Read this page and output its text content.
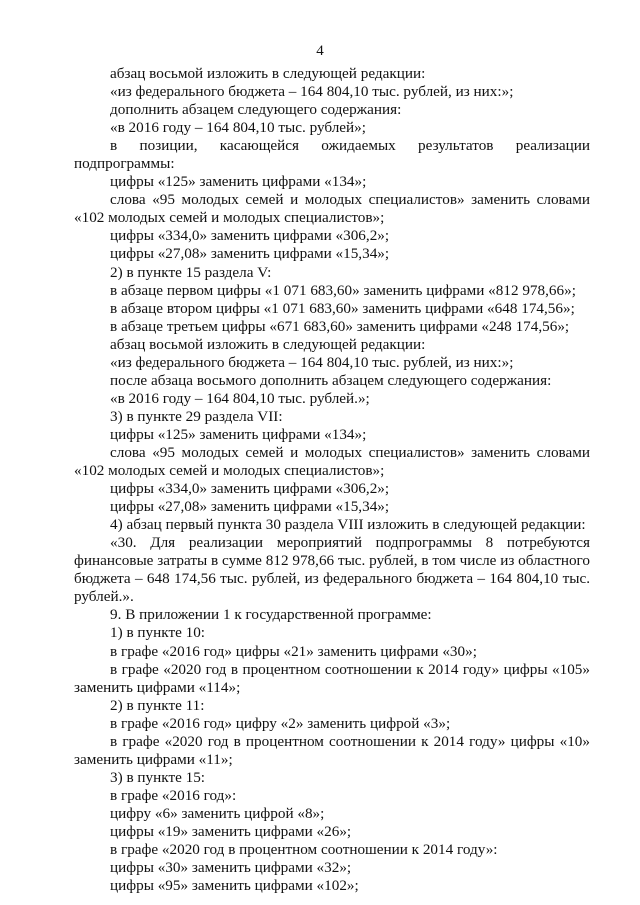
4

абзац восьмой изложить в следующей редакции:

«из федерального бюджета – 164 804,10 тыс. рублей, из них:»;

дополнить абзацем следующего содержания:

«в 2016 году – 164 804,10 тыс. рублей»;

в позиции, касающейся ожидаемых результатов реализации подпрограммы:

цифры «125» заменить цифрами «134»;

слова «95 молодых семей и молодых специалистов» заменить словами «102 молодых семей и молодых специалистов»;

цифры «334,0» заменить цифрами «306,2»;

цифры «27,08» заменить цифрами «15,34»;

2) в пункте 15 раздела V:

в абзаце первом цифры «1 071 683,60» заменить цифрами «812 978,66»;

в абзаце втором цифры «1 071 683,60» заменить цифрами «648 174,56»;

в абзаце третьем цифры «671 683,60» заменить цифрами «248 174,56»;

абзац восьмой изложить в следующей редакции:

«из федерального бюджета – 164 804,10 тыс. рублей, из них:»;

после абзаца восьмого дополнить абзацем следующего содержания:

«в 2016 году – 164 804,10 тыс. рублей.»;

3) в пункте 29 раздела VII:

цифры «125» заменить цифрами «134»;

слова «95 молодых семей и молодых специалистов» заменить словами «102 молодых семей и молодых специалистов»;

цифры «334,0» заменить цифрами «306,2»;

цифры «27,08» заменить цифрами «15,34»;

4) абзац первый пункта 30 раздела VIII изложить в следующей редакции:

«30. Для реализации мероприятий подпрограммы 8 потребуются финансовые затраты в сумме 812 978,66 тыс. рублей, в том числе из областного бюджета – 648 174,56 тыс. рублей, из федерального бюджета – 164 804,10 тыс. рублей.».

9. В приложении 1 к государственной программе:

1) в пункте 10:

в графе «2016 год» цифры «21» заменить цифрами «30»;

в графе «2020 год в процентном соотношении к 2014 году» цифры «105» заменить цифрами «114»;

2) в пункте 11:

в графе «2016 год» цифру «2» заменить цифрой «3»;

в графе «2020 год в процентном соотношении к 2014 году» цифры «10» заменить цифрами «11»;

3) в пункте 15:

в графе «2016 год»:

цифру «6» заменить цифрой «8»;

цифры «19» заменить цифрами «26»;

в графе «2020 год в процентном соотношении к 2014 году»:

цифры «30» заменить цифрами «32»;

цифры «95» заменить цифрами «102»;
